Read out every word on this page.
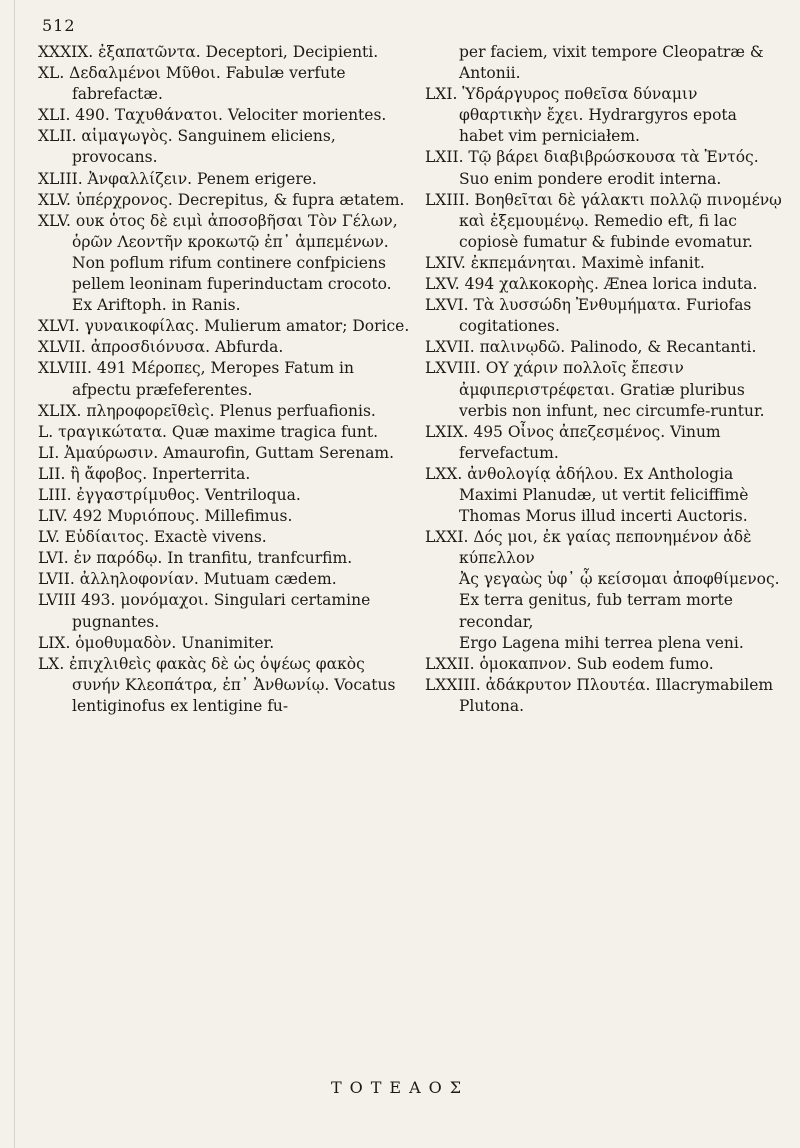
512

XXXIX. ἐξαπατῶντα. Deceptori, Decipienti.

XL. Δεδαλμένοι Μῦθοι. Fabulæ verfute fabrefactæ.

XLI. 490. Ταχυθάνατοι. Velociter morientes.

XLII. αἱμαγωγὸς. Sanguinem eliciens, provocans.

XLIII. Ἀνφαλλίζειν. Penem erigere.

XLV. ὑπέρχρονος. Decrepitus, & fupra ætatem.

XLV. ουκ ὁτος δὲ ειμὶ ἀποσοβῆσαι Τὸν Γέλων, ὁρῶν Λεοντῆν κροκωτῷ ἐπ᾽ ἀμπεμένων. Non poflum rifum continere confpiciens pellem leoninam fuperinductam crocoto. Ex Ariftoph. in Ranis.

XLVI. γυναικοφίλας. Mulierum amator; Dorice.

XLVII. ἀπροσδιόνυσα. Abfurda.

XLVIII. 491 Μέροπες, Meropes Fatum in afpectu præfeferentes.

XLIX. πληροφορεῖθεὶς. Plenus perfuafionis.

L. τραγικώτατα. Quæ maxime tragica funt.

LI. Ἀμαύρωσιν. Amaurofin, Guttam Serenam.

LII. ἢ ἄφοβος. Inperterrita.

LIII. ἐγγαστρίμυθος. Ventriloqua.

LIV. 492 Μυριόπους. Millefimus.

LV. Εὐδίαιτος. Exactè vivens.

LVI. ἐν παρόδῳ. In tranfitu, tranfcurfim.

LVII. ἀλληλοφονίαν. Mutuam cædem.

LVIII 493. μονόμαχοι. Singulari certamine pugnantes.

LIX. ὁμοθυμαδὸν. Unanimiter.

LX. ἐπιχλιθεὶς φακὰς δὲ ὡς ὁψέως φακὸς συνήν Κλεοπάτρα, ἐπ᾽ Ἀνθωνίῳ. Vocatus lentiginofus ex lentigine fu-

per faciem, vixit tempore Cleopatræ & Antonii.

LXI. Ὑδράργυρος ποθεῖσα δύναμιν φθαρτικὴν ἔχει. Hydrargyros epota habet vim perniciałem.

LXII. Τῷ βάρει διαβιβρώσκουσα τὰ Ἐντός. Suo enim pondere erodit interna.

LXIII. Βοηθεῖται δὲ γάλακτι πολλῷ πινομένῳ καὶ ἐξεμουμένῳ. Remedio eft, fi lac copiosè fumatur & fubinde evomatur.

LXIV. ἐκπεμάνηται. Maximè infanit.

LXV. 494 χαλκοκορὴς. Ænea lorica induta.

LXVI. Τὰ λυσσώδη Ἐνθυμήματα. Furiofas cogitationes.

LXVII. παλινῳδῶ. Palinodo, & Recantanti.

LXVIII. ΟΥ χάριν πολλοῖς ἔπεσιν ἀμφιπεριστρέφεται. Gratiæ pluribus verbis non infunt, nec circumfe-runtur.

LXIX. 495 Οἶνος ἀπεζεσμένος. Vinum fervefactum.

LXX. ἀνθολογίᾳ ἀδήλου. Ex Anthologia Maximi Planudæ, ut vertit feliciffimè Thomas Morus illud incerti Auctoris.

LXXI. Δός μοι, ἐκ γαίας πεπονημένον ἀδὲ κύπελλον

Ἀς γεγαὼς ὑφ᾽ ᾧ κείσομαι ἀποφθίμενος.

Ex terra genitus, fub terram morte recondar,

Ergo Lagena mihi terrea plena veni.

LXXII. ὁμοκαπνον. Sub eodem fumo.

LXXIII. ἀδάκρυτον Πλουτέα. Illacrymabilem Plutona.

TOTEAOΣ
